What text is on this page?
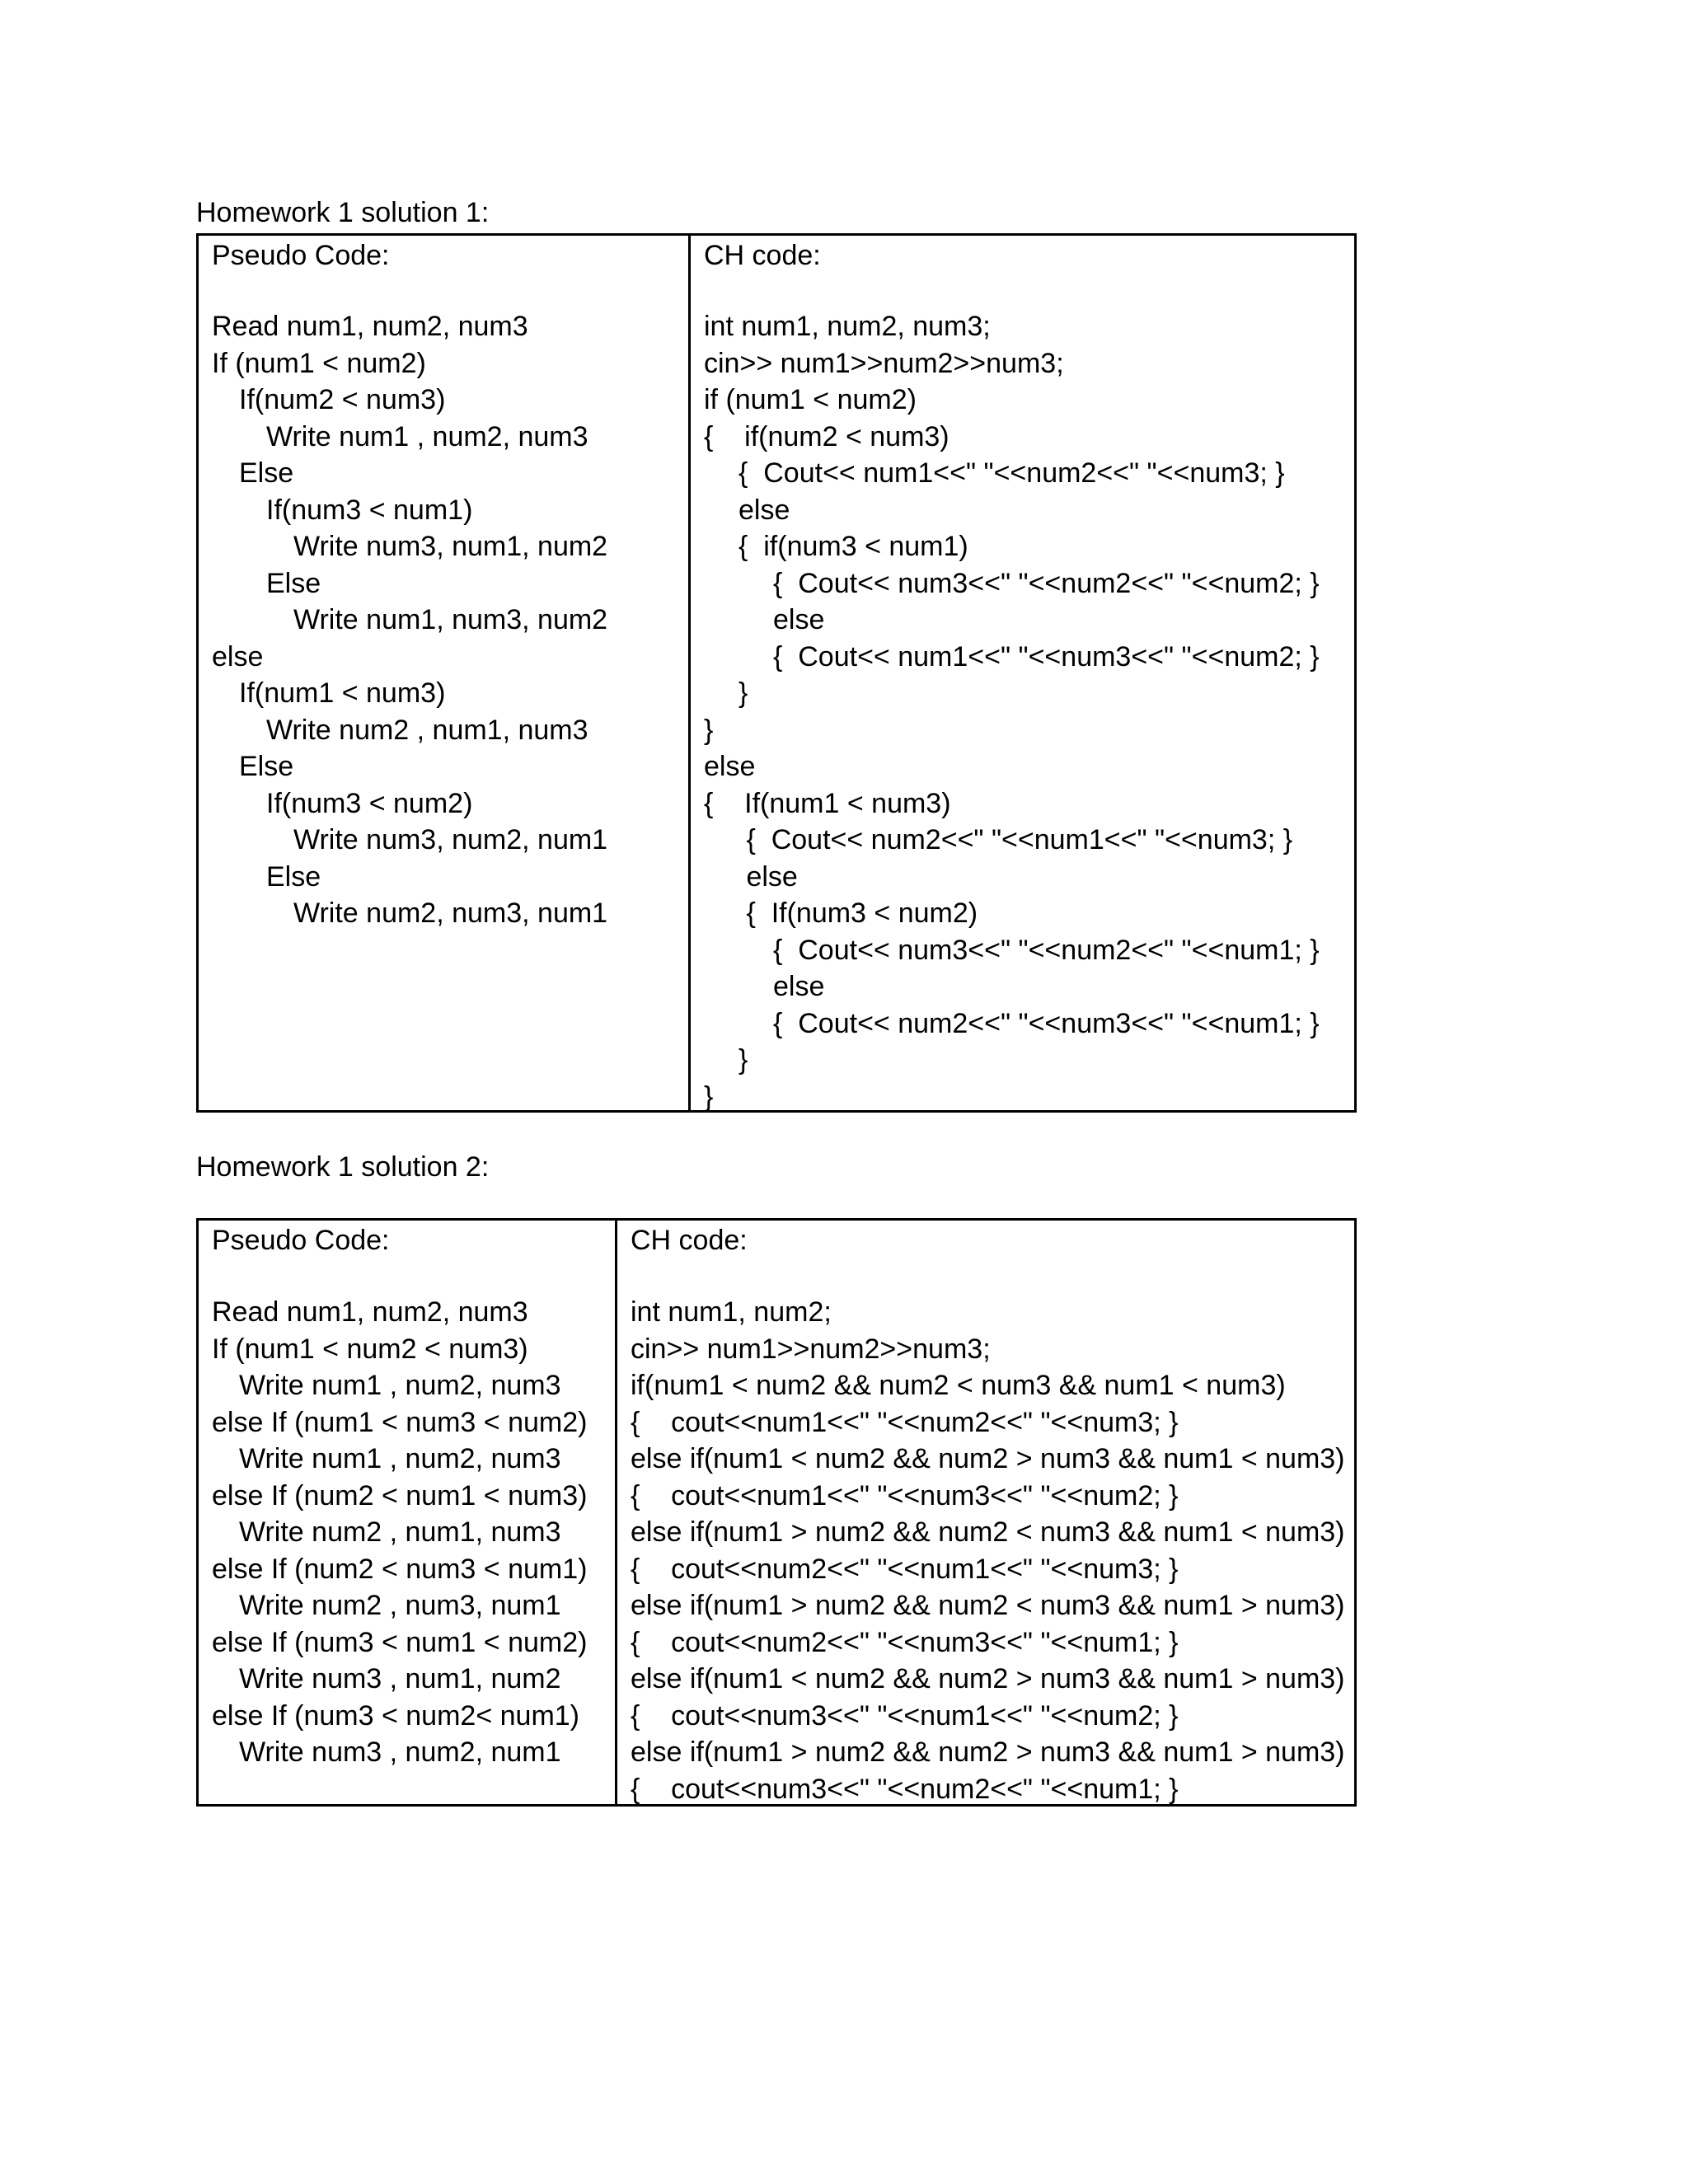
Homework 1 solution 1:
Pseudo Code:
Read num1, num2, num3
If (num1 < num2)
If(num2 < num3)
Write num1 , num2, num3
Else
If(num3 < num1)
Write num3, num1, num2
Else
Write num1, num3, num2
else
If(num1 < num3)
Write num2 , num1, num3
Else
If(num3 < num2)
Write num3, num2, num1
Else
Write num2, num3, num1
CH code:
int num1, num2, num3;
cin>> num1>>num2>>num3;
if (num1 < num2)
{    if(num2 < num3)
{  Cout<< num1<<" "<<num2<<" "<<num3; }
else
{  if(num3 < num1)
{  Cout<< num3<<" "<<num2<<" "<<num2; }
else
{  Cout<< num1<<" "<<num3<<" "<<num2; }
}
}
else
{    If(num1 < num3)
{  Cout<< num2<<" "<<num1<<" "<<num3; }
else
{  If(num3 < num2)
{  Cout<< num3<<" "<<num2<<" "<<num1; }
else
{  Cout<< num2<<" "<<num3<<" "<<num1; }
}
}
Homework 1 solution 2:
Pseudo Code:
Read num1, num2, num3
If (num1 < num2 < num3)
Write num1 , num2, num3
else If (num1 < num3 < num2)
Write num1 , num2, num3
else If (num2 < num1 < num3)
Write num2 , num1, num3
else If (num2 < num3 < num1)
Write num2 , num3, num1
else If (num3 < num1 < num2)
Write num3 , num1, num2
else If (num3 < num2< num1)
Write num3 , num2, num1
CH code:
int num1, num2;
cin>> num1>>num2>>num3;
if(num1 < num2 && num2 < num3 && num1 < num3)
{    cout<<num1<<" "<<num2<<" "<<num3; }
else if(num1 < num2 && num2 > num3 && num1 < num3)
{    cout<<num1<<" "<<num3<<" "<<num2; }
else if(num1 > num2 && num2 < num3 && num1 < num3)
{    cout<<num2<<" "<<num1<<" "<<num3; }
else if(num1 > num2 && num2 < num3 && num1 > num3)
{    cout<<num2<<" "<<num3<<" "<<num1; }
else if(num1 < num2 && num2 > num3 && num1 > num3)
{    cout<<num3<<" "<<num1<<" "<<num2; }
else if(num1 > num2 && num2 > num3 && num1 > num3)
{    cout<<num3<<" "<<num2<<" "<<num1; }
